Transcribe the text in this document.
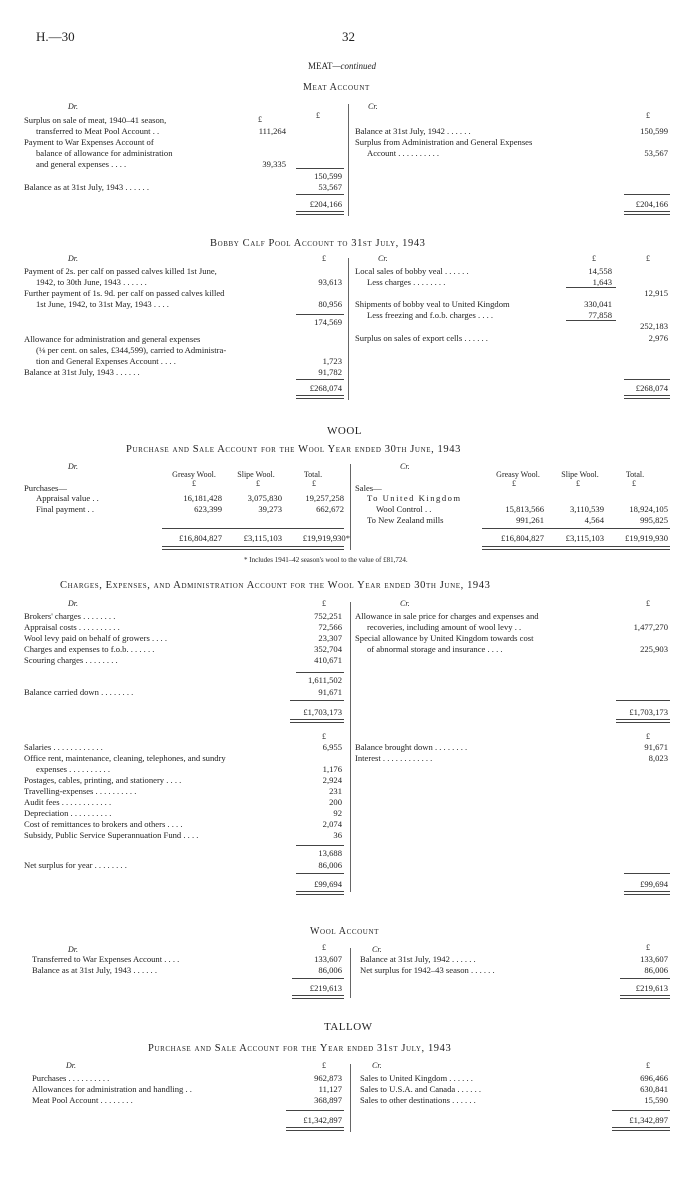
H.—30	32
MEAT—continued
Meat Account
Dr.	Cr.
£	£
Surplus on sale of meat, 1940–41 season,	£
transferred to Meat Pool Account . .	111,264
Payment to War Expenses Account of
balance of allowance for administration
and general expenses . . . .	39,335
150,599
Balance as at 31st July, 1943 . . . . . .	53,567
£204,166
Balance at 31st July, 1942 . . . . . .	150,599
Surplus from Administration and General Expenses
Account . . . . . . . . . .	53,567
£204,166
Bobby Calf Pool Account to 31st July, 1943
Dr.	Cr.
£	£	£
Payment of 2s. per calf on passed calves killed 1st June,
1942, to 30th June, 1943 . . . . . .	93,613
Further payment of 1s. 9d. per calf on passed calves killed
1st June, 1942, to 31st May, 1943 . . . .	80,956
174,569
Allowance for administration and general expenses
(⅛ per cent. on sales, £344,599), carried to Administra-
tion and General Expenses Account . . . .	1,723
Balance at 31st July, 1943 . . . . . .	91,782
£268,074
Local sales of bobby veal . . . . . .	14,558
Less charges . . . . . . . .	1,643
12,915
Shipments of bobby veal to United Kingdom	330,041
Less freezing and f.o.b. charges . . . .	77,858
252,183
Surplus on sales of export cells . . . . . .	2,976
£268,074
WOOL
Purchase and Sale Account for the Wool Year ended 30th June, 1943
Dr.	Cr.
Greasy Wool.	Slipe Wool.	Total.	Greasy Wool.	Slipe Wool.	Total.
£	£	£	£	£	£
Purchases—
Appraisal value . .	16,181,428	3,075,830	19,257,258
Final payment . .	623,399	39,273	662,672
£16,804,827	£3,115,103	£19,919,930*
Sales—
To United Kingdom
Wool Control . .	15,813,566	3,110,539	18,924,105
To New Zealand mills	991,261	4,564	995,825
£16,804,827	£3,115,103	£19,919,930
* Includes 1941–42 season's wool to the value of £81,724.
Charges, Expenses, and Administration Account for the Wool Year ended 30th June, 1943
Dr.	Cr.
£	£
Brokers' charges . . . . . . . .	752,251
Appraisal costs . . . . . . . . . .	72,566
Wool levy paid on behalf of growers . . . .	23,307
Charges and expenses to f.o.b. . . . . . .	352,704
Scouring charges . . . . . . . .	410,671
1,611,502
Balance carried down . . . . . . . .	91,671
£1,703,173
Allowance in sale price for charges and expenses and
recoveries, including amount of wool levy . .	1,477,270
Special allowance by United Kingdom towards cost
of abnormal storage and insurance . . . .	225,903
£1,703,173
£	£
Salaries . . . . . . . . . . . .	6,955
Office rent, maintenance, cleaning, telephones, and sundry
expenses . . . . . . . . . .	1,176
Postages, cables, printing, and stationery . . . .	2,924
Travelling-expenses . . . . . . . . . .	231
Audit fees . . . . . . . . . . . .	200
Depreciation . . . . . . . . . .	92
Cost of remittances to brokers and others . . . .	2,074
Subsidy, Public Service Superannuation Fund . . . .	36
13,688
Net surplus for year . . . . . . . .	86,006
£99,694
Balance brought down . . . . . . . .	91,671
Interest . . . . . . . . . . . .	8,023
£99,694
Wool Account
Dr.	Cr.
£	£
Transferred to War Expenses Account . . . .	133,607
Balance as at 31st July, 1943 . . . . . .	86,006
£219,613
Balance at 31st July, 1942 . . . . . .	133,607
Net surplus for 1942–43 season . . . . . .	86,006
£219,613
TALLOW
Purchase and Sale Account for the Year ended 31st July, 1943
Dr.	Cr.
£	£
Purchases . . . . . . . . . .	962,873
Allowances for administration and handling . .	11,127
Meat Pool Account . . . . . . . .	368,897
£1,342,897
Sales to United Kingdom . . . . . .	696,466
Sales to U.S.A. and Canada . . . . . .	630,841
Sales to other destinations . . . . . .	15,590
£1,342,897
